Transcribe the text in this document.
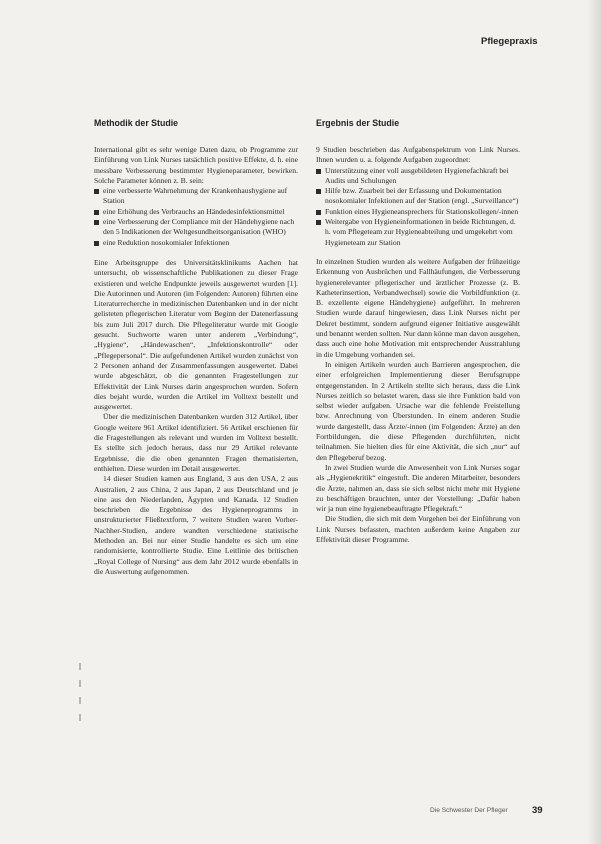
Pflegepraxis
Methodik der Studie

International gibt es sehr wenige Daten dazu, ob Programme zur Einführung von Link Nurses tatsächlich positive Effekte, d. h. eine messbare Verbesserung bestimmter Hygieneparameter, bewirken. Solche Parameter können z. B. sein:

eine verbesserte Wahrnehmung der Krankenhaushygiene auf Station
eine Erhöhung des Verbrauchs an Händedesinfektionsmittel
eine Verbesserung der Compliance mit der Händehygiene nach den 5 Indikationen der Weltgesundheitsorganisation (WHO)
eine Reduktion nosokomialer Infektionen

Eine Arbeitsgruppe des Universitätsklinikums Aachen hat untersucht, ob wissenschaftliche Publikationen zu dieser Frage existieren und welche Endpunkte jeweils ausgewertet wurden [1]. Die Autorinnen und Autoren (im Folgenden: Autoren) führten eine Literaturrecherche in medizinischen Datenbanken und in der nicht gelisteten pflegerischen Literatur vom Beginn der Datenerfassung bis zum Juli 2017 durch. Die Pflegeliteratur wurde mit Google gesucht. Suchworte waren unter anderem „Verbindung“, „Hygiene“, „Händewaschen“, „Infektionskontrolle“ oder „Pflegepersonal“. Die aufgefundenen Artikel wurden zunächst von 2 Personen anhand der Zusammenfassungen ausgewertet. Dabei wurde abgeschätzt, ob die genannten Fragestellungen zur Effektivität der Link Nurses darin angesprochen wurden. Sofern dies bejaht wurde, wurden die Artikel im Volltext bestellt und ausgewertet.

Über die medizinischen Datenbanken wurden 312 Artikel, über Google weitere 961 Artikel identifiziert. 56 Artikel erschienen für die Fragestellungen als relevant und wurden im Volltext bestellt. Es stellte sich jedoch heraus, dass nur 29 Artikel relevante Ergebnisse, die die oben genannten Fragen thematisierten, enthielten. Diese wurden im Detail ausgewertet.

14 dieser Studien kamen aus England, 3 aus den USA, 2 aus Australien, 2 aus China, 2 aus Japan, 2 aus Deutschland und je eine aus den Niederlanden, Ägypten und Kanada. 12 Studien beschrieben die Ergebnisse des Hygieneprogramms in unstrukturierter Fließtextform, 7 weitere Studien waren Vorher-Nachher-Studien, andere wandten verschiedene statistische Methoden an. Bei nur einer Studie handelte es sich um eine randomisierte, kontrollierte Studie. Eine Leitlinie des britischen „Royal College of Nursing“ aus dem Jahr 2012 wurde ebenfalls in die Auswertung aufgenommen.

Ergebnis der Studie

9 Studien beschrieben das Aufgabenspektrum von Link Nurses. Ihnen wurden u. a. folgende Aufgaben zugeordnet:

Unterstützung einer voll ausgebildeten Hygienefachkraft bei Audits und Schulungen
Hilfe bzw. Zuarbeit bei der Erfassung und Dokumentation nosokomialer Infektionen auf der Station (engl. „Surveillance“)
Funktion eines Hygieneansprechers für Stationskollegen/-innen
Weitergabe von Hygieneinformationen in beide Richtungen, d. h. vom Pflegeteam zur Hygieneabteilung und umgekehrt vom Hygieneteam zur Station

In einzelnen Studien wurden als weitere Aufgaben der frühzeitige Erkennung von Ausbrüchen und Fallhäufungen, die Verbesserung hygienerelevanter pflegerischer und ärztlicher Prozesse (z. B. Katheterinsertion, Verbandwechsel) sowie die Vorbildfunktion (z. B. exzellente eigene Händehygiene) aufgeführt. In mehreren Studien wurde darauf hingewiesen, dass Link Nurses nicht per Dekret bestimmt, sondern aufgrund eigener Initiative ausgewählt und benannt werden sollten. Nur dann könne man davon ausgehen, dass auch eine hohe Motivation mit entsprechender Ausstrahlung in die Umgebung vorhanden sei.

In einigen Artikeln wurden auch Barrieren angesprochen, die einer erfolgreichen Implementierung dieser Berufsgruppe entgegenstanden. In 2 Artikeln stellte sich heraus, dass die Link Nurses zeitlich so belastet waren, dass sie ihre Funktion bald von selbst wieder aufgaben. Ursache war die fehlende Freistellung bzw. Anrechnung von Überstunden. In einem anderen Studie wurde dargestellt, dass Ärzte/-innen (im Folgenden: Ärzte) an den Fortbildungen, die diese Pflegenden durchführten, nicht teilnahmen. Sie hielten dies für eine Aktivität, die sich „nur“ auf den Pflegeberuf bezog.

In zwei Studien wurde die Anwesenheit von Link Nurses sogar als „Hygienekritik“ eingestuft. Die anderen Mitarbeiter, besonders die Ärzte, nahmen an, dass sie sich selbst nicht mehr mit Hygiene zu beschäftigen brauchten, unter der Vorstellung: „Dafür haben wir ja nun eine hygienebeauftragte Pflegekraft.“

Die Studien, die sich mit dem Vorgehen bei der Einführung von Link Nurses befassten, machten außerdem keine Angaben zur Effektivität dieser Programme.

Die Schwester Der Pfleger	39
